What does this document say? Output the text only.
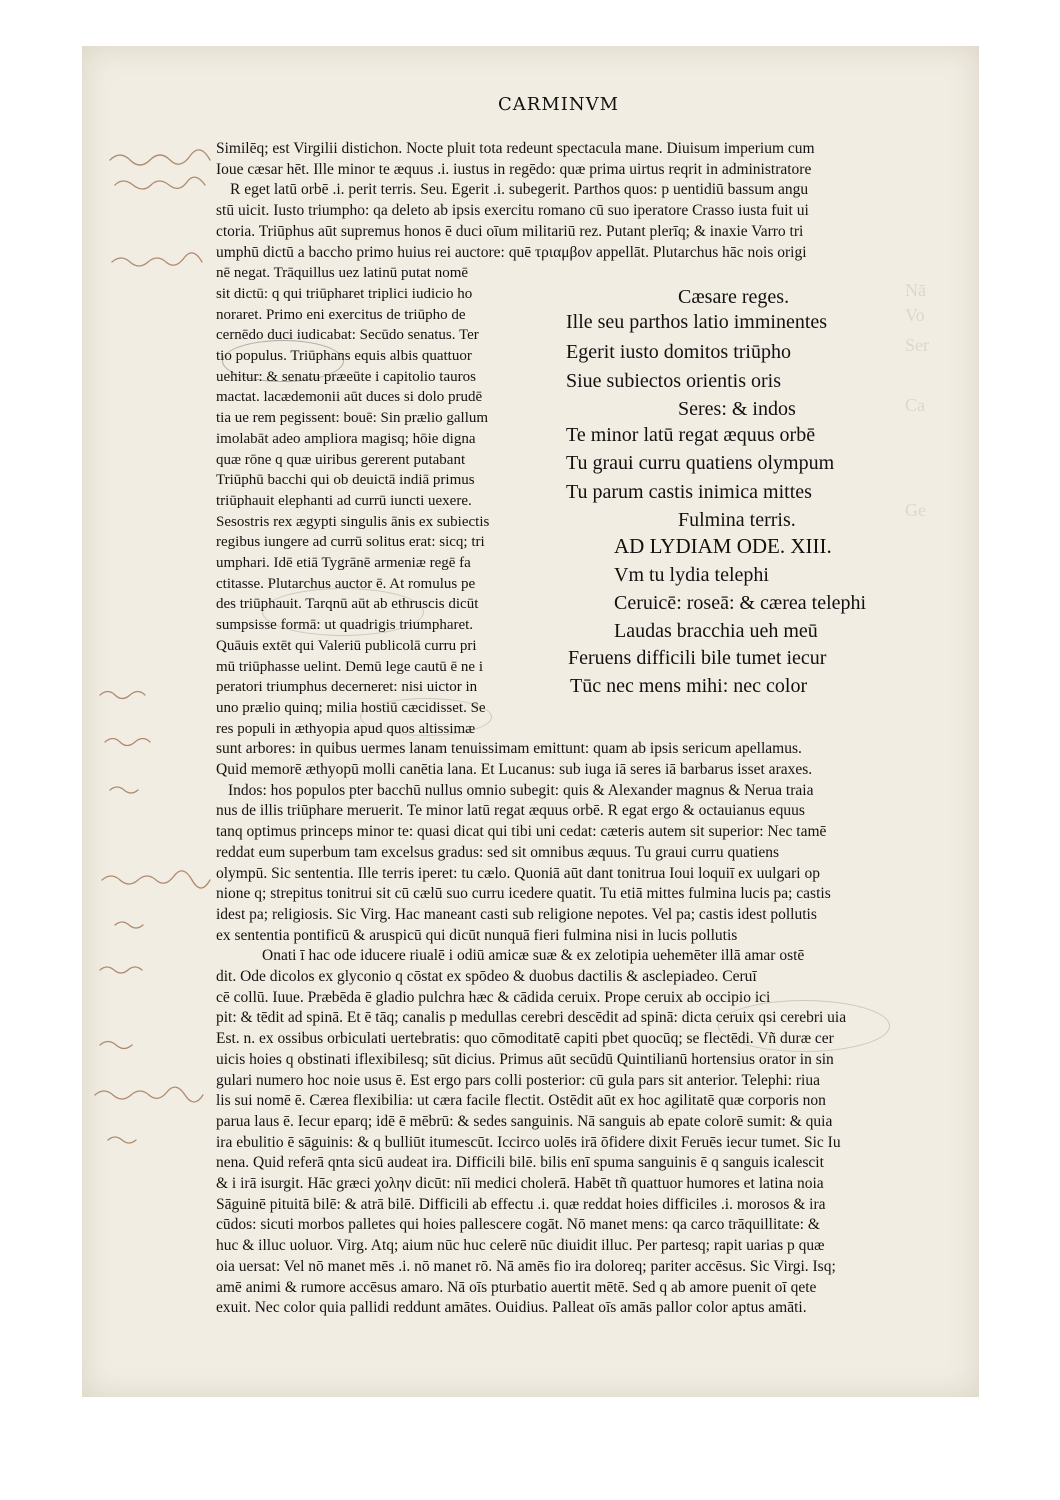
CARMINVM
Similēq; est Virgilii distichon. Nocte pluit tota redeunt spectacula mane. Diuisum imperium cum
Ioue cæsar hēt. Ille minor te æquus .i. iustus in regēdo: quæ prima uirtus reqrit in administratore
R eget latū orbē .i. perit terris. Seu. Egerit .i. subegerit. Parthos quos: p uentidiū bassum angu
stū uicit. Iusto triumpho: qa deleto ab ipsis exercitu romano cū suo iperatore Crasso iusta fuit ui
ctoria. Triūphus aūt supremus honos ē duci oīum militariū rez. Putant plerīq; & inaxie Varro tri
umphū dictū a baccho primo huius rei auctore: quē τριαμβον appellāt. Plutarchus hāc nois origi
nē negat. Trāquillus uez latinū putat nomē
sit dictū: q qui triūpharet triplici iudicio ho
noraret. Primo eni exercitus de triūpho de
cernēdo duci iudicabat: Secūdo senatus. Ter
tio populus. Triūphans equis albis quattuor
uehitur: & senatu præeūte i capitolio tauros
mactat. lacædemonii aūt duces si dolo prudē
tia ue rem pegissent: bouē: Sin prælio gallum
imolabāt adeo ampliora magisq; hōie digna
quæ rōne q quæ uiribus gererent putabant
Triūphū bacchi qui ob deuictā indiā primus
triūphauit elephanti ad currū iuncti uexere.
Sesostris rex ægypti singulis ānis ex subiectis
regibus iungere ad currū solitus erat: sicq; tri
umphari. Idē etiā Tygrānē armeniæ regē fa
ctitasse. Plutarchus auctor ē. At romulus pe
des triūphauit. Tarqnū aūt ab ethruscis dicūt
sumpsisse formā: ut quadrigis triumpharet.
Quāuis extēt qui Valeriū publicolā curru pri
mū triūphasse uelint. Demū lege cautū ē ne i
peratori triumphus decerneret: nisi uictor in
uno prælio quinq; milia hostiū cæcidisset. Se
res populi in æthyopia apud quos altissimæ
sunt arbores: in quibus uermes lanam tenuissimam emittunt: quam ab ipsis sericum apellamus.
Quid memorē æthyopū molli canētia lana. Et Lucanus: sub iuga iā seres iā barbarus isset araxes.
Indos: hos populos pter bacchū nullus omnio subegit: quis & Alexander magnus & Nerua traia
nus de illis triūphare meruerit. Te minor latū regat æquus orbē. R egat ergo & octauianus equus
tanq optimus princeps minor te: quasi dicat qui tibi uni cedat: cæteris autem sit superior: Nec tamē
reddat eum superbum tam excelsus gradus: sed sit omnibus æquus. Tu graui curru quatiens
olympū. Sic sententia. Ille terris iperet: tu cælo. Quoniā aūt dant tonitrua Ioui loquiī ex uulgari op
nione q; strepitus tonitrui sit cū cælū suo curru icedere quatit. Tu etiā mittes fulmina lucis pa; castis
idest pa; religiosis. Sic Virg. Hac maneant casti sub religione nepotes. Vel pa; castis idest pollutis
ex sententia pontificū & aruspicū qui dicūt nunquā fieri fulmina nisi in lucis pollutis
Onati ī hac ode iducere riualē i odiū amicæ suæ & ex zelotipia uehemēter illā amar ostē
dit. Ode dicolos ex glyconio q cōstat ex spōdeo & duobus dactilis & asclepiadeo. Ceruī
cē collū. Iuue. Præbēda ē gladio pulchra hæc & cādida ceruix. Prope ceruix ab occipio ici
pit: & tēdit ad spinā. Et ē tāq; canalis p medullas cerebri descēdit ad spinā: dicta ceruix qsi cerebri uia
Est. n. ex ossibus orbiculati uertebratis: quo cōmoditatē capiti pbet quocūq; se flectēdi. Vñ duræ cer
uicis hoies q obstinati iflexibilesq; sūt dicius. Primus aūt secūdū Quintilianū hortensius orator in sin
gulari numero hoc noie usus ē. Est ergo pars colli posterior: cū gula pars sit anterior. Telephi: riua
lis sui nomē ē. Cærea flexibilia: ut cæra facile flectit. Ostēdit aūt ex hoc agilitatē quæ corporis non
parua laus ē. Iecur eparq; idē ē mēbrū: & sedes sanguinis. Nā sanguis ab epate colorē sumit: & quia
ira ebulitio ē sāguinis: & q bulliūt itumescūt. Iccirco uolēs irā ōfidere dixit Feruēs iecur tumet. Sic Iu
nena. Quid referā qnta sicū audeat ira. Difficili bilē. bilis enī spuma sanguinis ē q sanguis icalescit
& i irā isurgit. Hāc græci χολην dicūt: nīi medici cholerā. Habēt tñ quattuor humores et latina noia
Sāguinē pituitā bilē: & atrā bilē. Difficili ab effectu .i. quæ reddat hoies difficiles .i. morosos & ira
cūdos: sicuti morbos palletes qui hoies pallescere cogāt. Nō manet mens: qa carco trāquillitate: &
huc & illuc uoluor. Virg. Atq; aium nūc huc celerē nūc diuidit illuc. Per partesq; rapit uarias p quæ
oia uersat: Vel nō manet mēs .i. nō manet rō. Nā amēs fio ira doloreq; pariter accēsus. Sic Virgi. Isq;
amē animi & rumore accēsus amaro. Nā oīs pturbatio auertit mētē. Sed q ab amore puenit oī qete
exuit. Nec color quia pallidi reddunt amātes. Ouidius. Palleat oīs amās pallor color aptus amāti.
Cæsare reges.
Ille seu parthos latio imminentes
Egerit iusto domitos triūpho
Siue subiectos orientis oris
Seres: & indos
Te minor latū regat æquus orbē
Tu graui curru quatiens olympum
Tu parum castis inimica mittes
Fulmina terris.
AD LYDIAM ODE. XIII.
Vm tu lydia telephi
Ceruicē: roseā: & cærea telephi
Laudas bracchia ueh meū
Feruens difficili bile tumet iecur
Tūc nec mens mihi: nec color
Nā
Vo
Ser
Ca
Ge
